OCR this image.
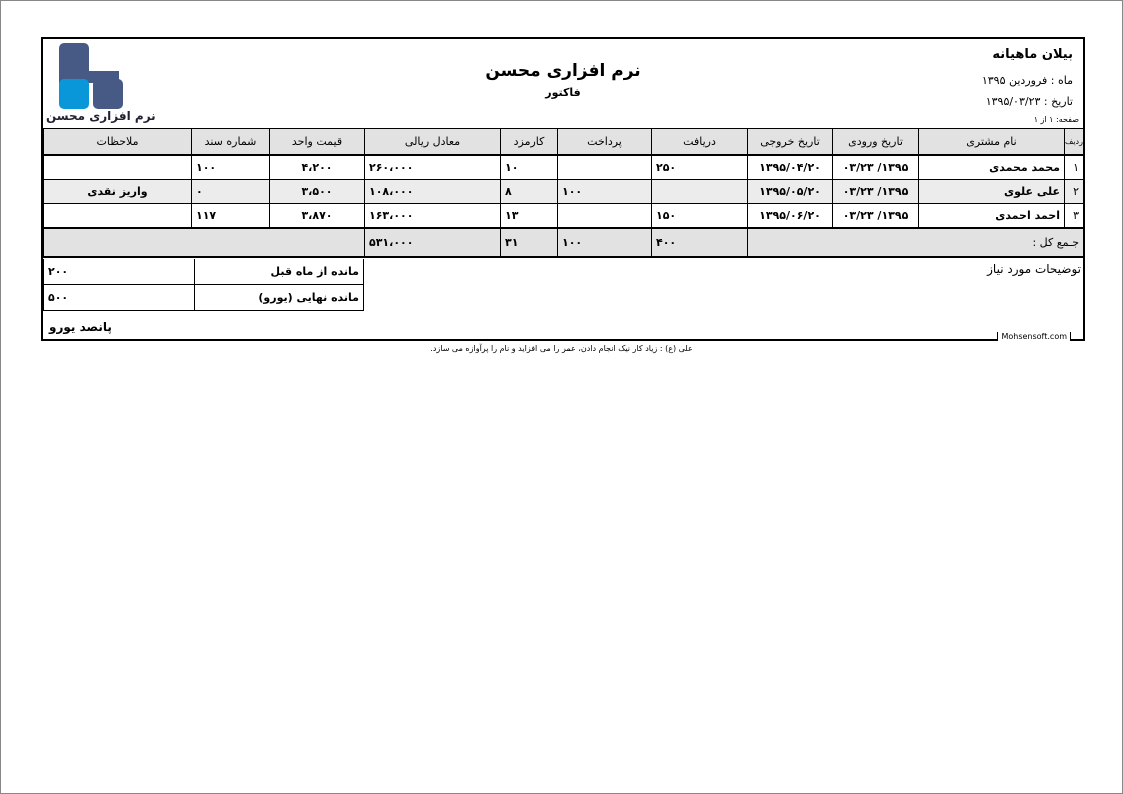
نرم افزاری محسن
نرم افزاری محسن
فاکتور
بیلان ماهیانه
ماه : فروردین ۱۳۹۵
تاریخ : ۱۳۹۵/۰۳/۲۳
صفحه: ۱ از ۱
ردیف	نام مشتری	تاریخ ورودی	تاریخ خروجی	دریافت	پرداخت	کارمزد	معادل ریالی	قیمت واحد	شماره سند	ملاحظات
۱	محمد محمدی	۱۳۹۵/ ۰۳/۲۳	۱۳۹۵/۰۴/۲۰	۲۵۰		۱۰	۲۶۰،۰۰۰	۴،۲۰۰	۱۰۰	
۲	علی علوی	۱۳۹۵/ ۰۳/۲۳	۱۳۹۵/۰۵/۲۰		۱۰۰	۸	۱۰۸،۰۰۰	۳،۵۰۰	۰	واریز نقدی
۳	احمد احمدی	۱۳۹۵/ ۰۳/۲۳	۱۳۹۵/۰۶/۲۰	۱۵۰		۱۳	۱۶۳،۰۰۰	۳،۸۷۰	۱۱۷	
جـمع کل :				۴۰۰	۱۰۰	۳۱	۵۳۱،۰۰۰			
مانده از ماه قبل	۲۰۰
مانده نهایی (یورو)	۵۰۰
توضیحات مورد نیاز
پانصد یورو
Mohsensoft.com
علی (ع) : زیاد کار نیک انجام دادن، عمر را می افزاید و نام را پرآوازه می سازد.
